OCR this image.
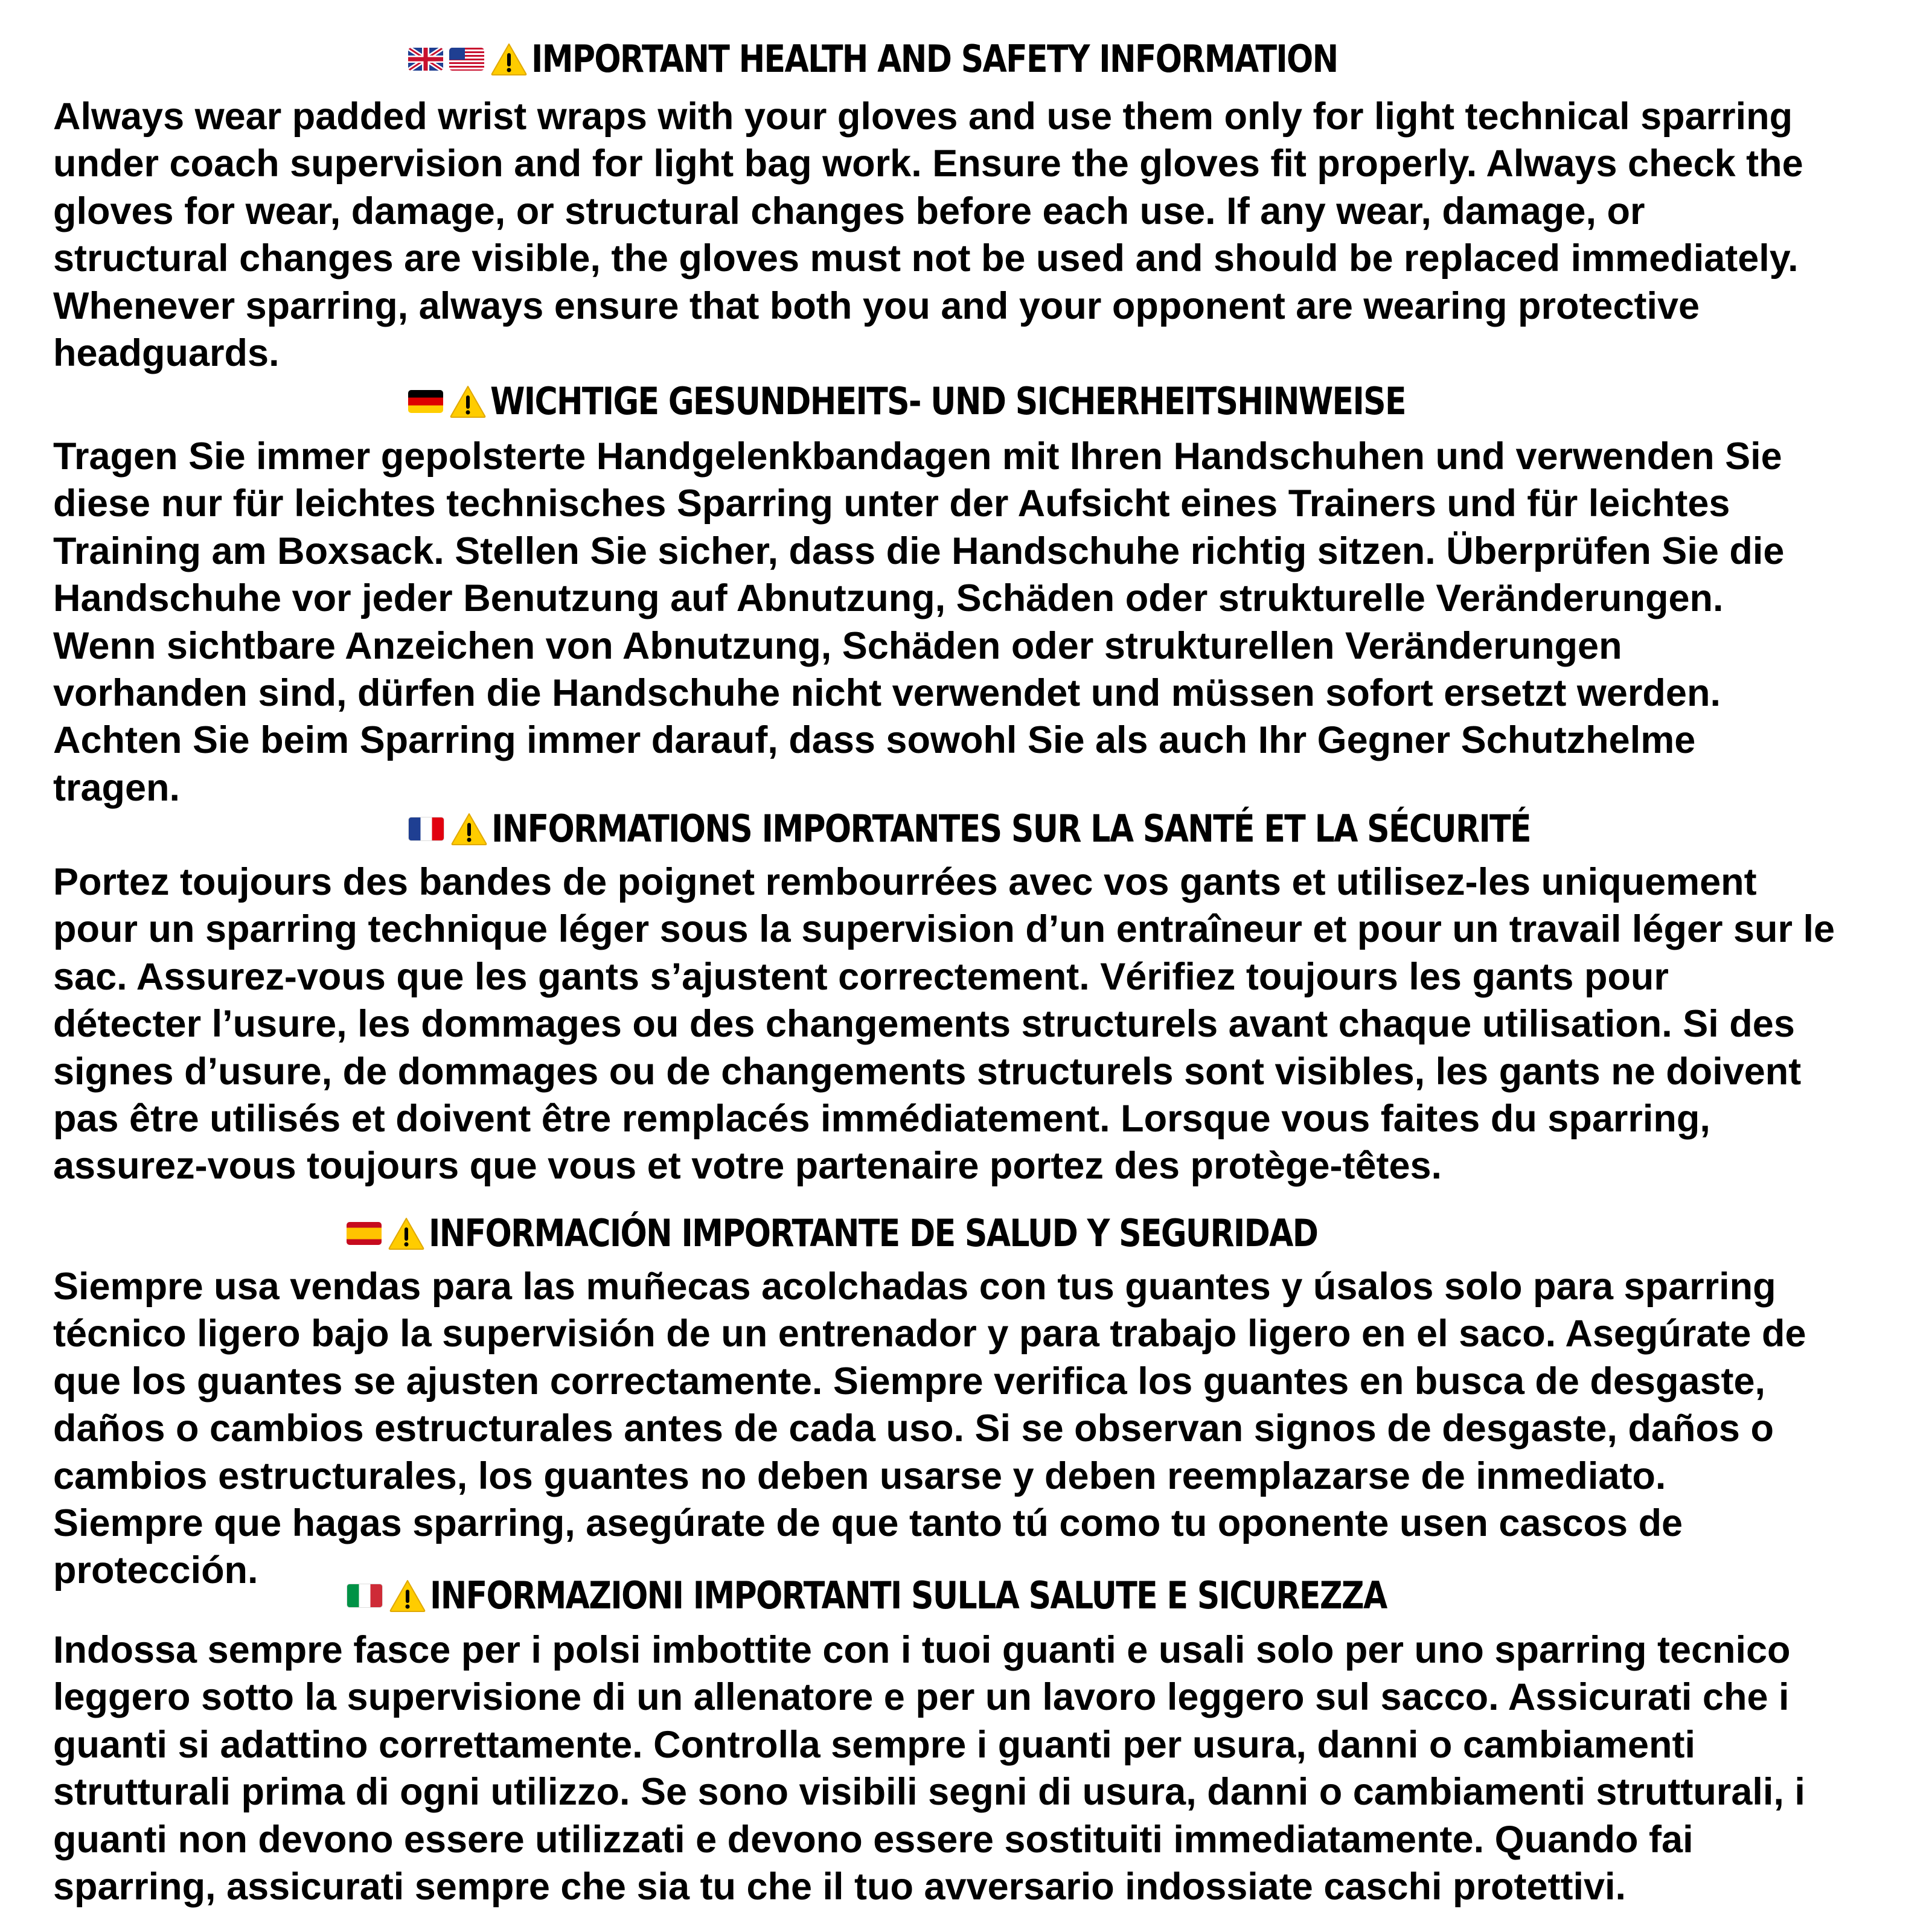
IMPORTANT HEALTH AND SAFETY INFORMATION

Always wear padded wrist wraps with your gloves and use them only for light technical sparring
under coach supervision and for light bag work. Ensure the gloves fit properly. Always check the
gloves for wear, damage, or structural changes before each use. If any wear, damage, or
structural changes are visible, the gloves must not be used and should be replaced immediately.
Whenever sparring, always ensure that both you and your opponent are wearing protective
headguards.

WICHTIGE GESUNDHEITS- UND SICHERHEITSHINWEISE

Tragen Sie immer gepolsterte Handgelenkbandagen mit Ihren Handschuhen und verwenden Sie
diese nur für leichtes technisches Sparring unter der Aufsicht eines Trainers und für leichtes
Training am Boxsack. Stellen Sie sicher, dass die Handschuhe richtig sitzen. Überprüfen Sie die
Handschuhe vor jeder Benutzung auf Abnutzung, Schäden oder strukturelle Veränderungen.
Wenn sichtbare Anzeichen von Abnutzung, Schäden oder strukturellen Veränderungen
vorhanden sind, dürfen die Handschuhe nicht verwendet und müssen sofort ersetzt werden.
Achten Sie beim Sparring immer darauf, dass sowohl Sie als auch Ihr Gegner Schutzhelme
tragen.

INFORMATIONS IMPORTANTES SUR LA SANTÉ ET LA SÉCURITÉ

Portez toujours des bandes de poignet rembourrées avec vos gants et utilisez-les uniquement
pour un sparring technique léger sous la supervision d’un entraîneur et pour un travail léger sur le
sac. Assurez-vous que les gants s’ajustent correctement. Vérifiez toujours les gants pour
détecter l’usure, les dommages ou des changements structurels avant chaque utilisation. Si des
signes d’usure, de dommages ou de changements structurels sont visibles, les gants ne doivent
pas être utilisés et doivent être remplacés immédiatement. Lorsque vous faites du sparring,
assurez-vous toujours que vous et votre partenaire portez des protège-têtes.

INFORMACIÓN IMPORTANTE DE SALUD Y SEGURIDAD

Siempre usa vendas para las muñecas acolchadas con tus guantes y úsalos solo para sparring
técnico ligero bajo la supervisión de un entrenador y para trabajo ligero en el saco. Asegúrate de
que los guantes se ajusten correctamente. Siempre verifica los guantes en busca de desgaste,
daños o cambios estructurales antes de cada uso. Si se observan signos de desgaste, daños o
cambios estructurales, los guantes no deben usarse y deben reemplazarse de inmediato.
Siempre que hagas sparring, asegúrate de que tanto tú como tu oponente usen cascos de
protección.

INFORMAZIONI IMPORTANTI SULLA SALUTE E SICUREZZA

Indossa sempre fasce per i polsi imbottite con i tuoi guanti e usali solo per uno sparring tecnico
leggero sotto la supervisione di un allenatore e per un lavoro leggero sul sacco. Assicurati che i
guanti si adattino correttamente. Controlla sempre i guanti per usura, danni o cambiamenti
strutturali prima di ogni utilizzo. Se sono visibili segni di usura, danni o cambiamenti strutturali, i
guanti non devono essere utilizzati e devono essere sostituiti immediatamente. Quando fai
sparring, assicurati sempre che sia tu che il tuo avversario indossiate caschi protettivi.
